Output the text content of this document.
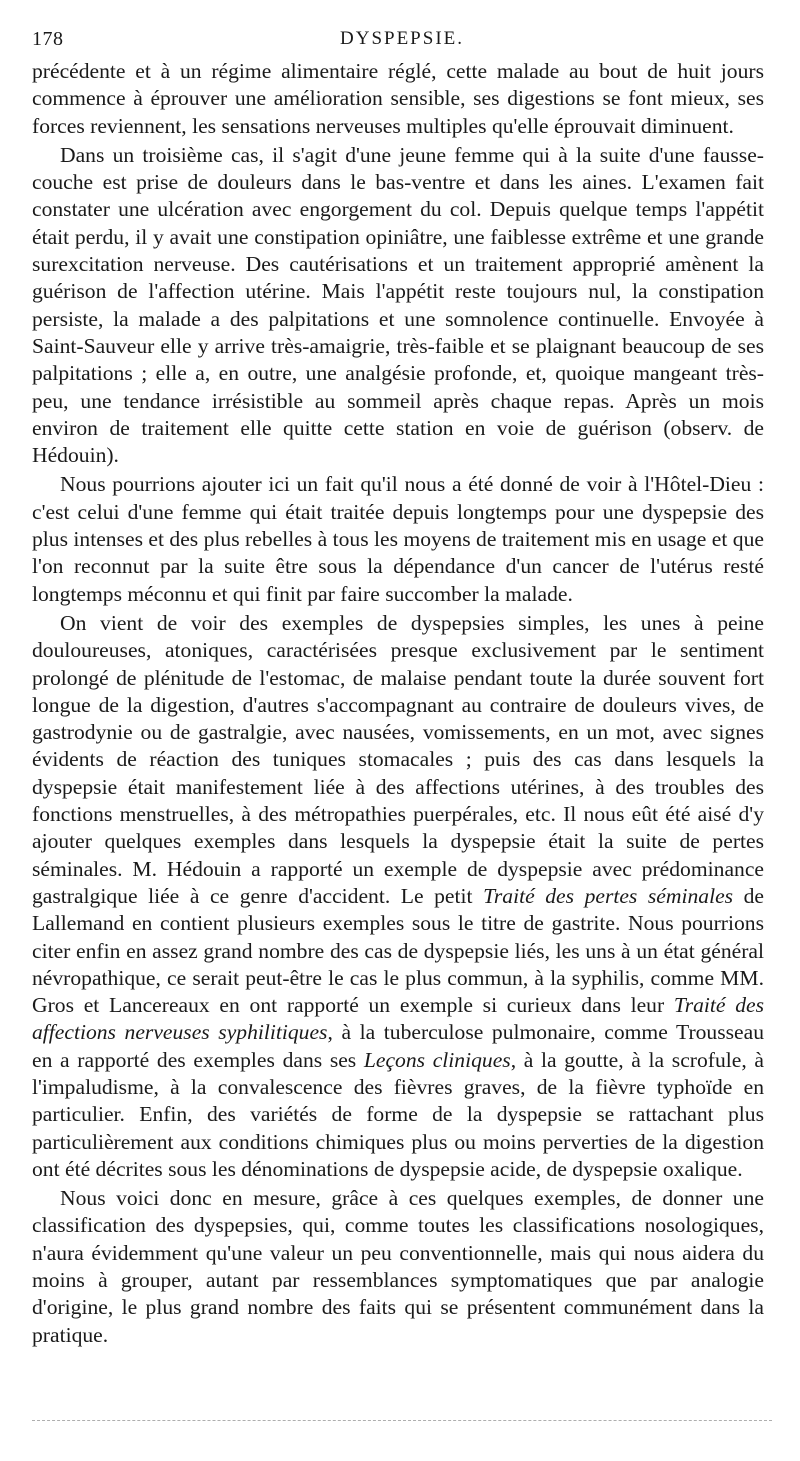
178	DYSPEPSIE.

précédente et à un régime alimentaire réglé, cette malade au bout de huit jours commence à éprouver une amélioration sensible, ses digestions se font mieux, ses forces reviennent, les sensations nerveuses multiples qu'elle éprouvait diminuent.

Dans un troisième cas, il s'agit d'une jeune femme qui à la suite d'une fausse-couche est prise de douleurs dans le bas-ventre et dans les aines. L'examen fait constater une ulcération avec engorgement du col. Depuis quelque temps l'appétit était perdu, il y avait une constipation opiniâtre, une faiblesse extrême et une grande surexcitation nerveuse. Des cautérisations et un traitement approprié amènent la guérison de l'affection utérine. Mais l'appétit reste toujours nul, la constipation persiste, la malade a des palpitations et une somnolence continuelle. Envoyée à Saint-Sauveur elle y arrive très-amaigrie, très-faible et se plaignant beaucoup de ses palpitations ; elle a, en outre, une analgésie profonde, et, quoique mangeant très-peu, une tendance irrésistible au sommeil après chaque repas. Après un mois environ de traitement elle quitte cette station en voie de guérison (observ. de Hédouin).

Nous pourrions ajouter ici un fait qu'il nous a été donné de voir à l'Hôtel-Dieu : c'est celui d'une femme qui était traitée depuis longtemps pour une dyspepsie des plus intenses et des plus rebelles à tous les moyens de traitement mis en usage et que l'on reconnut par la suite être sous la dépendance d'un cancer de l'utérus resté longtemps méconnu et qui finit par faire succomber la malade.

On vient de voir des exemples de dyspepsies simples, les unes à peine douloureuses, atoniques, caractérisées presque exclusivement par le sentiment prolongé de plénitude de l'estomac, de malaise pendant toute la durée souvent fort longue de la digestion, d'autres s'accompagnant au contraire de douleurs vives, de gastrodynie ou de gastralgie, avec nausées, vomissements, en un mot, avec signes évidents de réaction des tuniques stomacales ; puis des cas dans lesquels la dyspepsie était manifestement liée à des affections utérines, à des troubles des fonctions menstruelles, à des métropathies puerpérales, etc. Il nous eût été aisé d'y ajouter quelques exemples dans lesquels la dyspepsie était la suite de pertes séminales. M. Hédouin a rapporté un exemple de dyspepsie avec prédominance gastralgique liée à ce genre d'accident. Le petit Traité des pertes séminales de Lallemand en contient plusieurs exemples sous le titre de gastrite. Nous pourrions citer enfin en assez grand nombre des cas de dyspepsie liés, les uns à un état général névropathique, ce serait peut-être le cas le plus commun, à la syphilis, comme MM. Gros et Lancereaux en ont rapporté un exemple si curieux dans leur Traité des affections nerveuses syphilitiques, à la tuberculose pulmonaire, comme Trousseau en a rapporté des exemples dans ses Leçons cliniques, à la goutte, à la scrofule, à l'impaludisme, à la convalescence des fièvres graves, de la fièvre typhoïde en particulier. Enfin, des variétés de forme de la dyspepsie se rattachant plus particulièrement aux conditions chimiques plus ou moins perverties de la digestion ont été décrites sous les dénominations de dyspepsie acide, de dyspepsie oxalique.

Nous voici donc en mesure, grâce à ces quelques exemples, de donner une classification des dyspepsies, qui, comme toutes les classifications nosologiques, n'aura évidemment qu'une valeur un peu conventionnelle, mais qui nous aidera du moins à grouper, autant par ressemblances symptomatiques que par analogie d'origine, le plus grand nombre des faits qui se présentent communément dans la pratique.
